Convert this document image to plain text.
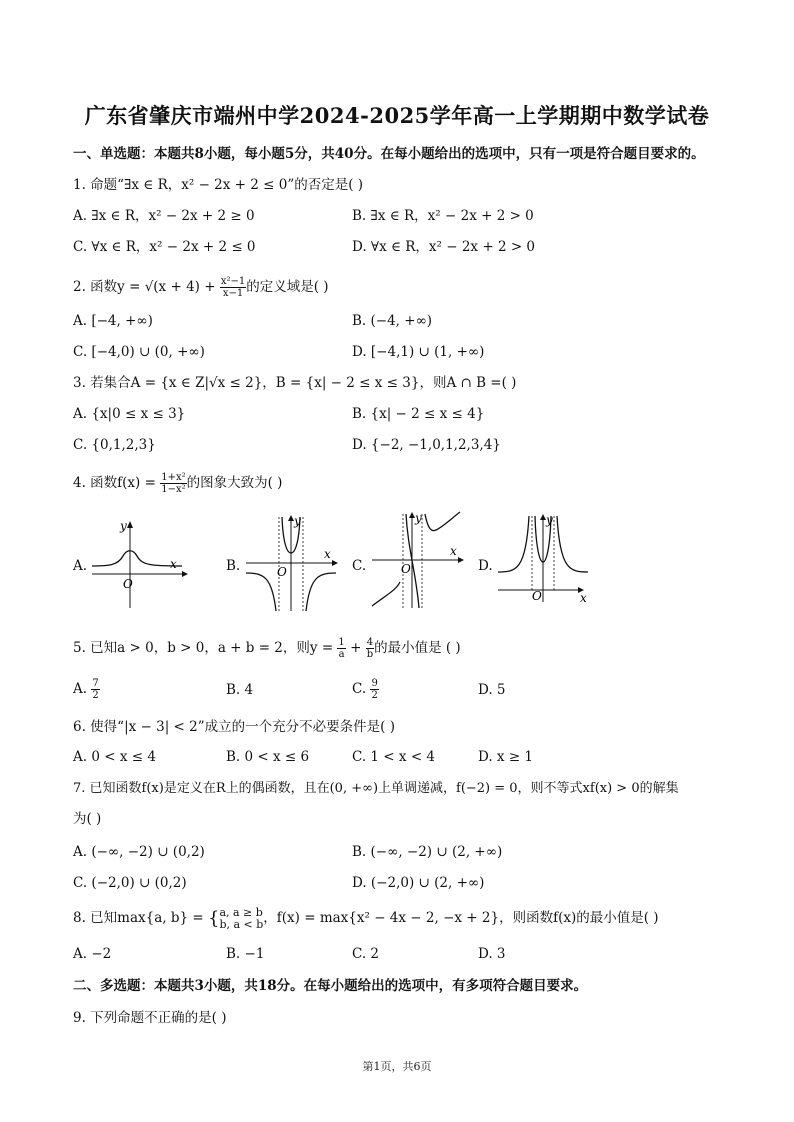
广东省肇庆市端州中学2024-2025学年高一上学期期中数学试卷
一、单选题：本题共8小题，每小题5分，共40分。在每小题给出的选项中，只有一项是符合题目要求的。
1. 命题“∃x ∈ R，x² − 2x + 2 ≤ 0”的否定是( )
A. ∃x ∈ R，x² − 2x + 2 ≥ 0	B. ∃x ∈ R，x² − 2x + 2 > 0
C. ∀x ∈ R，x² − 2x + 2 ≤ 0	D. ∀x ∈ R，x² − 2x + 2 > 0
2. 函数$y = √(x + 4) + \frac{\text{x²−1}}{x-1}$ 的定义域是( )
A. [−4, +∞)	B. (−4, +∞)
C. [−4,0) ∪ (0, +∞)	D. [−4,1) ∪ (1, +∞)
3. 若集合A = {x ∈ Z|√x ≤ 2}，B = {x| − 2 ≤ x ≤ 3}，则A ∩ B =( )
A. {x|0 ≤ x ≤ 3}	B. {x| − 2 ≤ x ≤ 4}
C. {0,1,2,3}	D. {−2, −1,0,1,2,3,4}
4. 函数$f(x) = \frac{\text{1+x²}}{\text{1−x²}}$ 的图象大致为( )
A.	B.	C.	D.
x
y
O
x
y
O
x
y
O
x
y
O
5. 已知a > 0，b > 0，a + b = 2，则$y = \frac{1}{a} + \frac{4}{b}$ 的最小值是 ( )
A. $\frac{7}{2}$	B. 4	C. $\frac{9}{2}$	D. 5
6. 使得“|x − 3| < 2”成立的一个充分不必要条件是( )
A. 0 < x ≤ 4	B. 0 < x ≤ 6	C. 1 < x < 4	D. x ≥ 1
7. 已知函数f(x)是定义在R上的偶函数，且在(0, +∞)上单调递减，f(−2) = 0，则不等式xf(x) > 0的解集
为( )
A. (−∞, −2) ∪ (0,2)	B. (−∞, −2) ∪ (2, +∞)
C. (−2,0) ∪ (0,2)	D. (−2,0) ∪ (2, +∞)
8. 已知max{a, b} = { a, a ≥ b
b, a < b ，f(x) = max{x² − 4x − 2, −x + 2}，则函数f(x)的最小值是( )
A. −2	B. −1	C. 2	D. 3
二、多选题：本题共3小题，共18分。在每小题给出的选项中，有多项符合题目要求。
9. 下列命题不正确的是( )
第1页，共6页
